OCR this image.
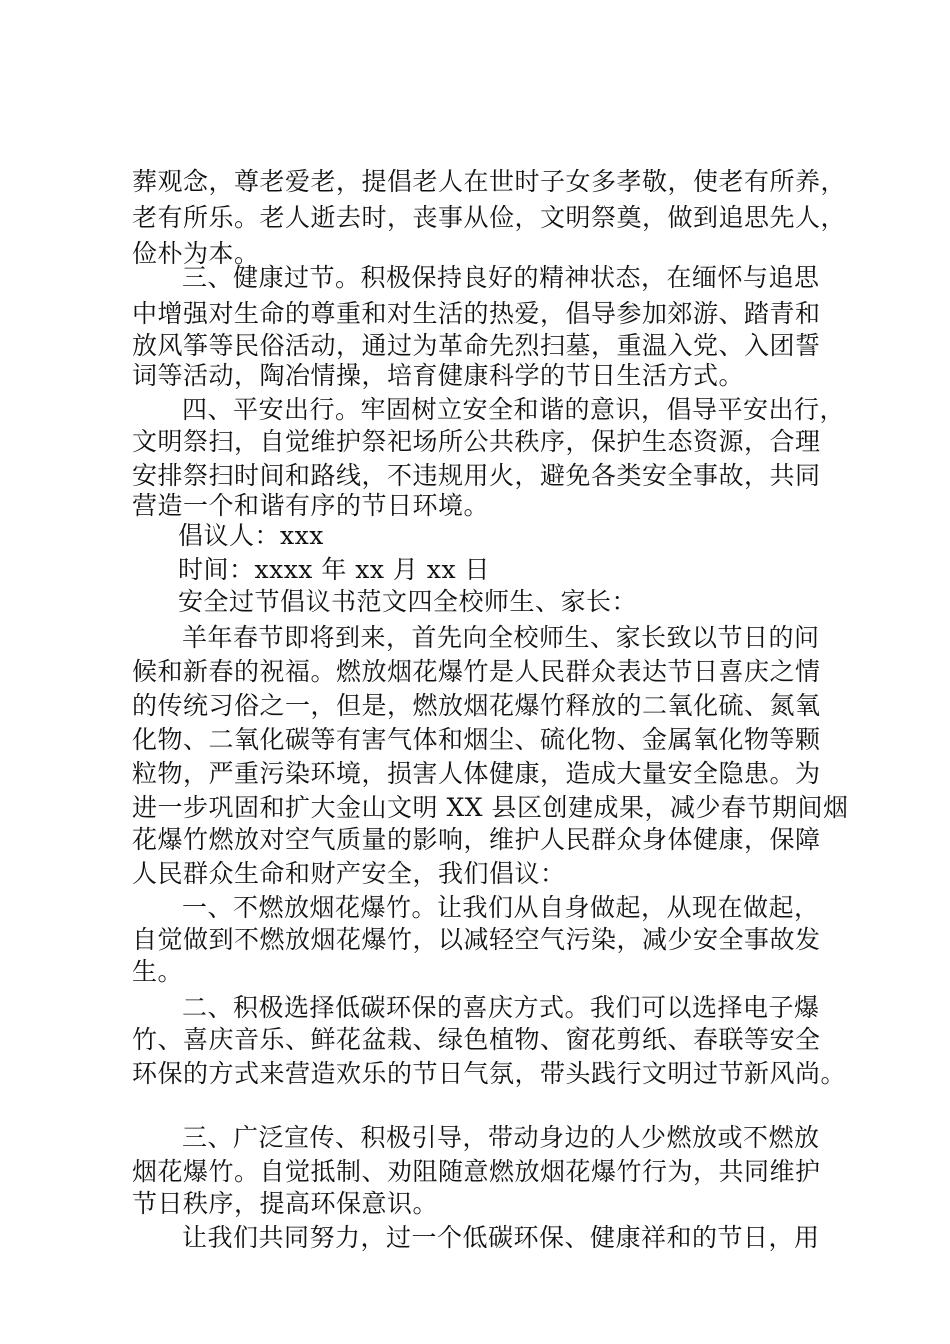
葬观念，尊老爱老，提倡老人在世时子女多孝敬，使老有所养，
老有所乐。老人逝去时，丧事从俭，文明祭奠，做到追思先人，
俭朴为本。
三、健康过节。积极保持良好的精神状态，在缅怀与追思
中增强对生命的尊重和对生活的热爱，倡导参加郊游、踏青和
放风筝等民俗活动，通过为革命先烈扫墓，重温入党、入团誓
词等活动，陶冶情操，培育健康科学的节日生活方式。
四、平安出行。牢固树立安全和谐的意识，倡导平安出行，
文明祭扫，自觉维护祭祀场所公共秩序，保护生态资源，合理
安排祭扫时间和路线，不违规用火，避免各类安全事故，共同
营造一个和谐有序的节日环境。
倡议人：xxx
时间：xxxx 年 xx 月 xx 日
安全过节倡议书范文四全校师生、家长：
羊年春节即将到来，首先向全校师生、家长致以节日的问
候和新春的祝福。燃放烟花爆竹是人民群众表达节日喜庆之情
的传统习俗之一，但是，燃放烟花爆竹释放的二氧化硫、氮氧
化物、二氧化碳等有害气体和烟尘、硫化物、金属氧化物等颗
粒物，严重污染环境，损害人体健康，造成大量安全隐患。为
进一步巩固和扩大金山文明 XX 县区创建成果，减少春节期间烟
花爆竹燃放对空气质量的影响，维护人民群众身体健康，保障
人民群众生命和财产安全，我们倡议：
一、不燃放烟花爆竹。让我们从自身做起，从现在做起，
自觉做到不燃放烟花爆竹，以减轻空气污染，减少安全事故发
生。
二、积极选择低碳环保的喜庆方式。我们可以选择电子爆
竹、喜庆音乐、鲜花盆栽、绿色植物、窗花剪纸、春联等安全
环保的方式来营造欢乐的节日气氛，带头践行文明过节新风尚。
三、广泛宣传、积极引导，带动身边的人少燃放或不燃放
烟花爆竹。自觉抵制、劝阻随意燃放烟花爆竹行为，共同维护
节日秩序，提高环保意识。
让我们共同努力，过一个低碳环保、健康祥和的节日，用
